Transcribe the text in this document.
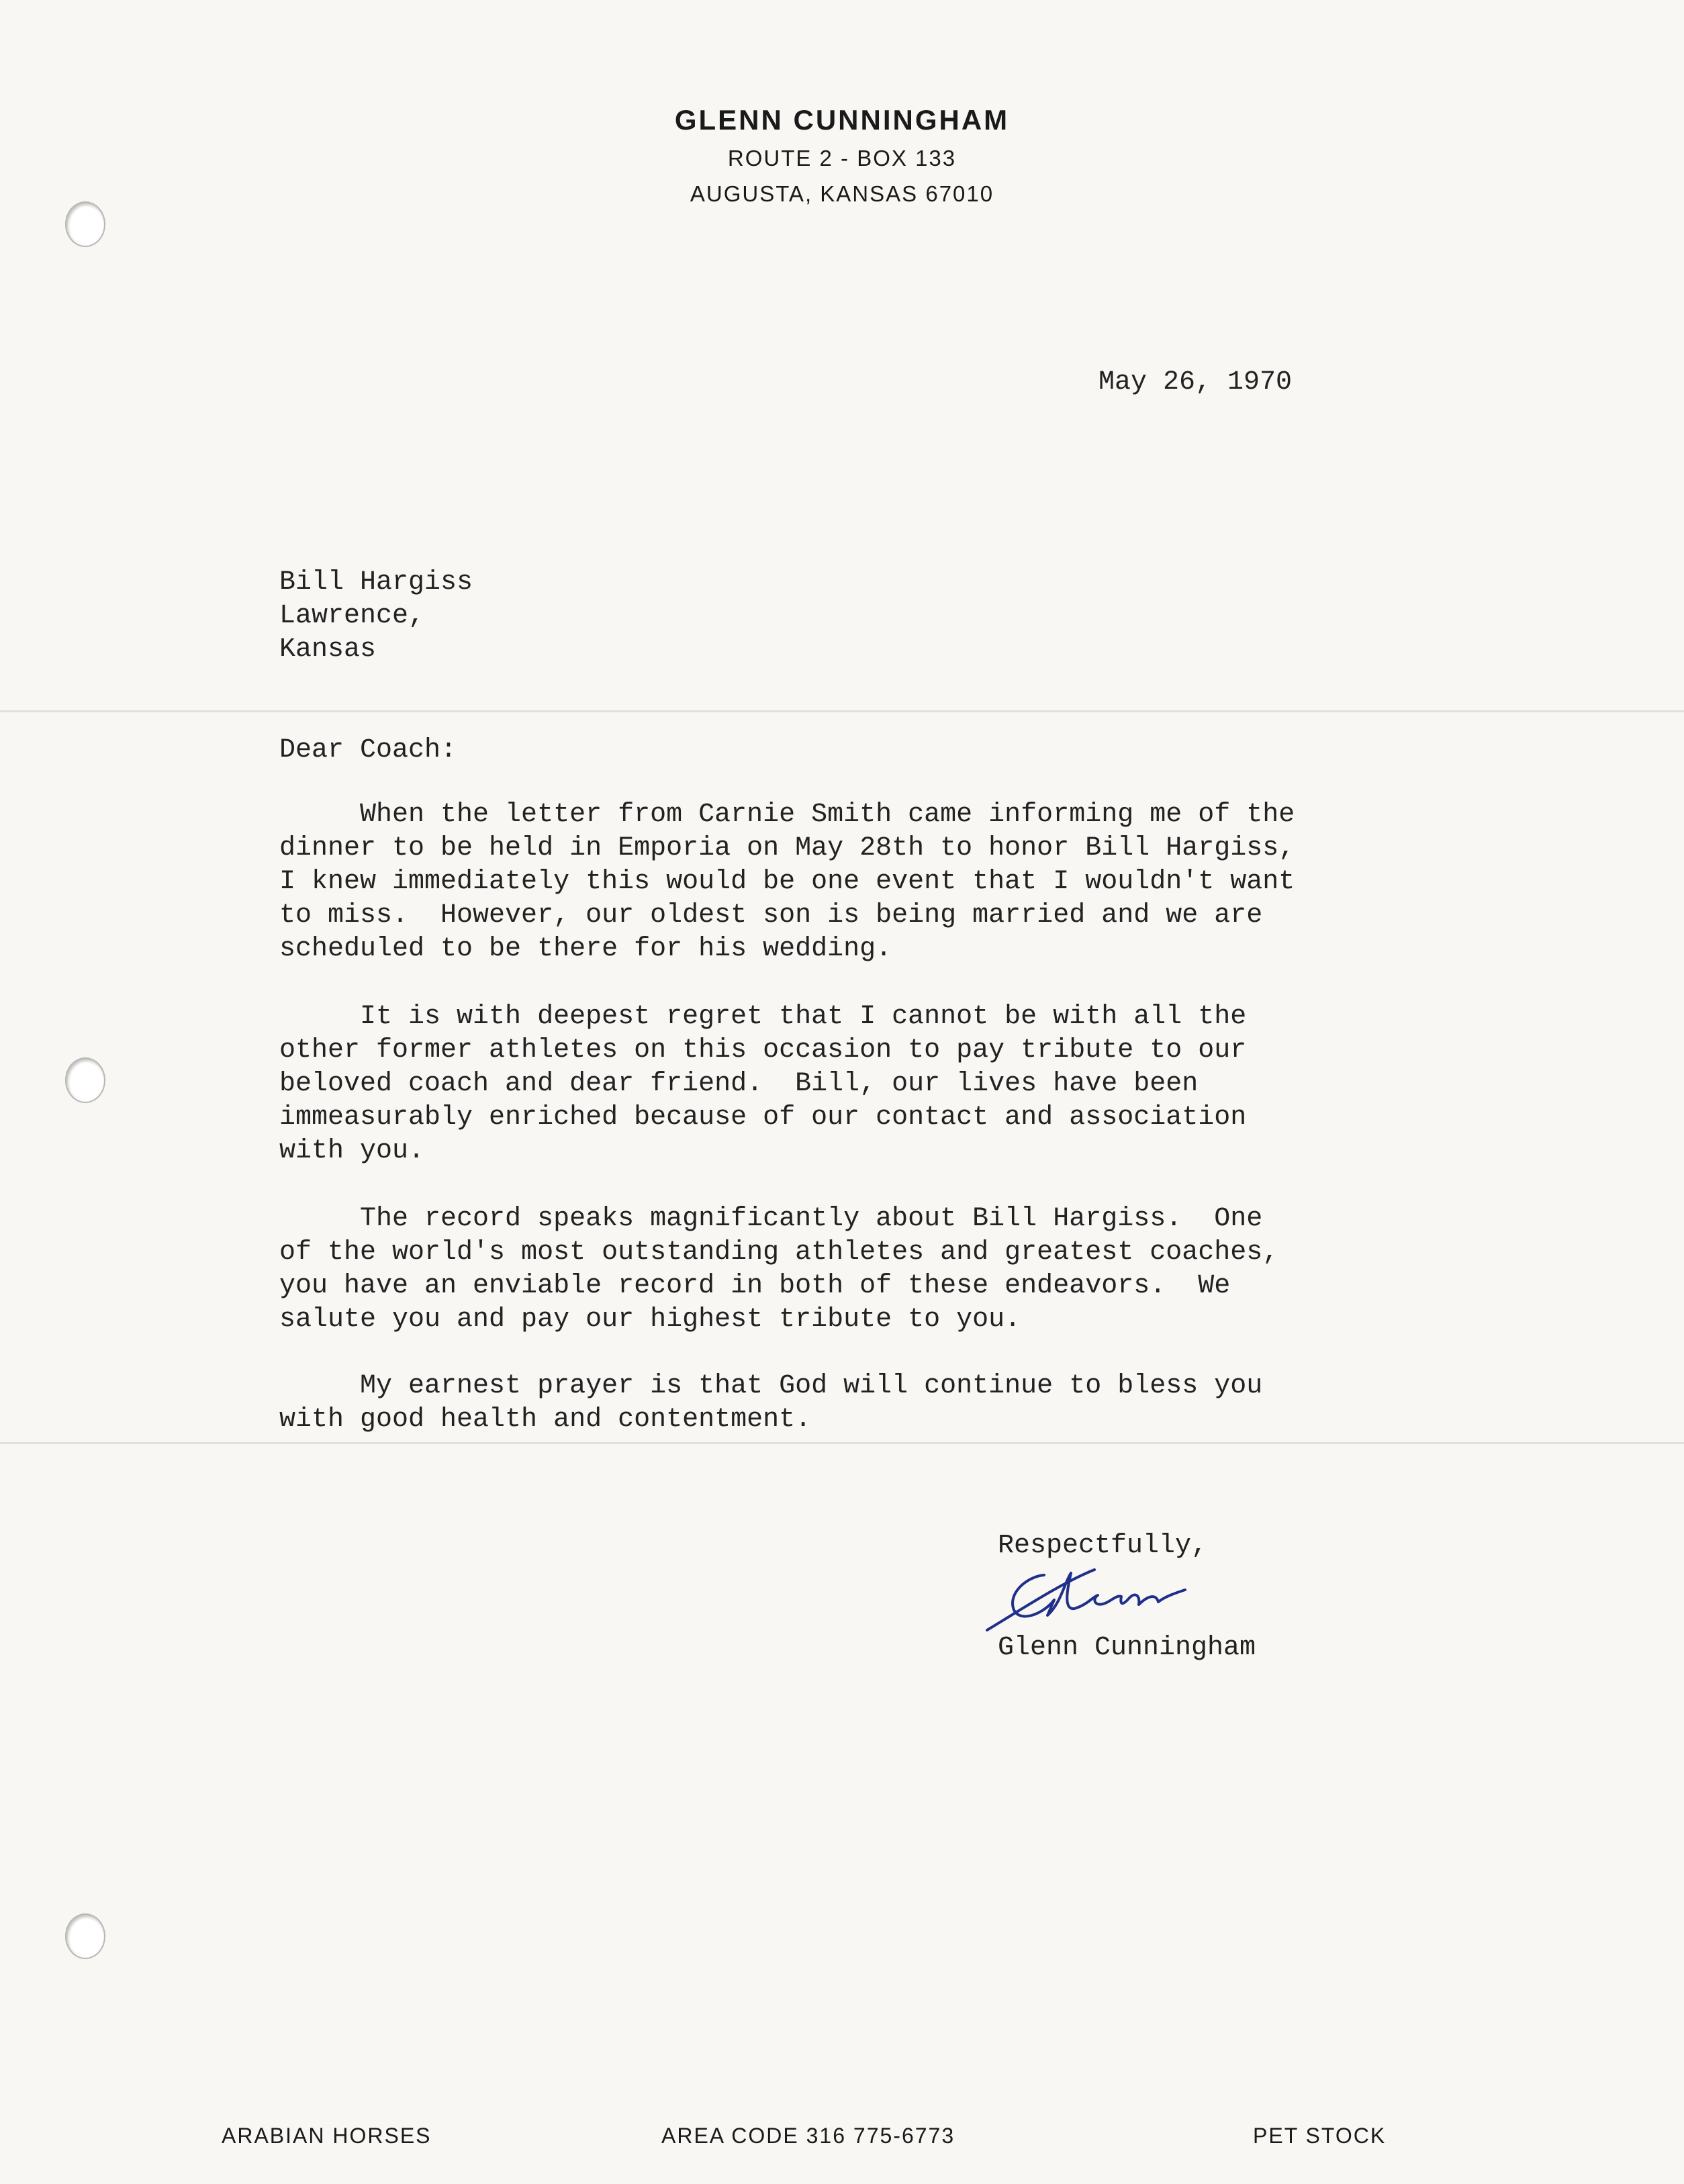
GLENN CUNNINGHAM
ROUTE 2 - BOX 133
AUGUSTA, KANSAS 67010
May 26, 1970
Bill Hargiss
Lawrence,
Kansas
Dear Coach:
When the letter from Carnie Smith came informing me of the
dinner to be held in Emporia on May 28th to honor Bill Hargiss,
I knew immediately this would be one event that I wouldn't want
to miss.  However, our oldest son is being married and we are
scheduled to be there for his wedding.
It is with deepest regret that I cannot be with all the
other former athletes on this occasion to pay tribute to our
beloved coach and dear friend.  Bill, our lives have been
immeasurably enriched because of our contact and association
with you.
The record speaks magnificantly about Bill Hargiss.  One
of the world's most outstanding athletes and greatest coaches,
you have an enviable record in both of these endeavors.  We
salute you and pay our highest tribute to you.
My earnest prayer is that God will continue to bless you
with good health and contentment.
Respectfully,
Glenn Cunningham
ARABIAN HORSES	AREA CODE 316 775-6773	PET STOCK
